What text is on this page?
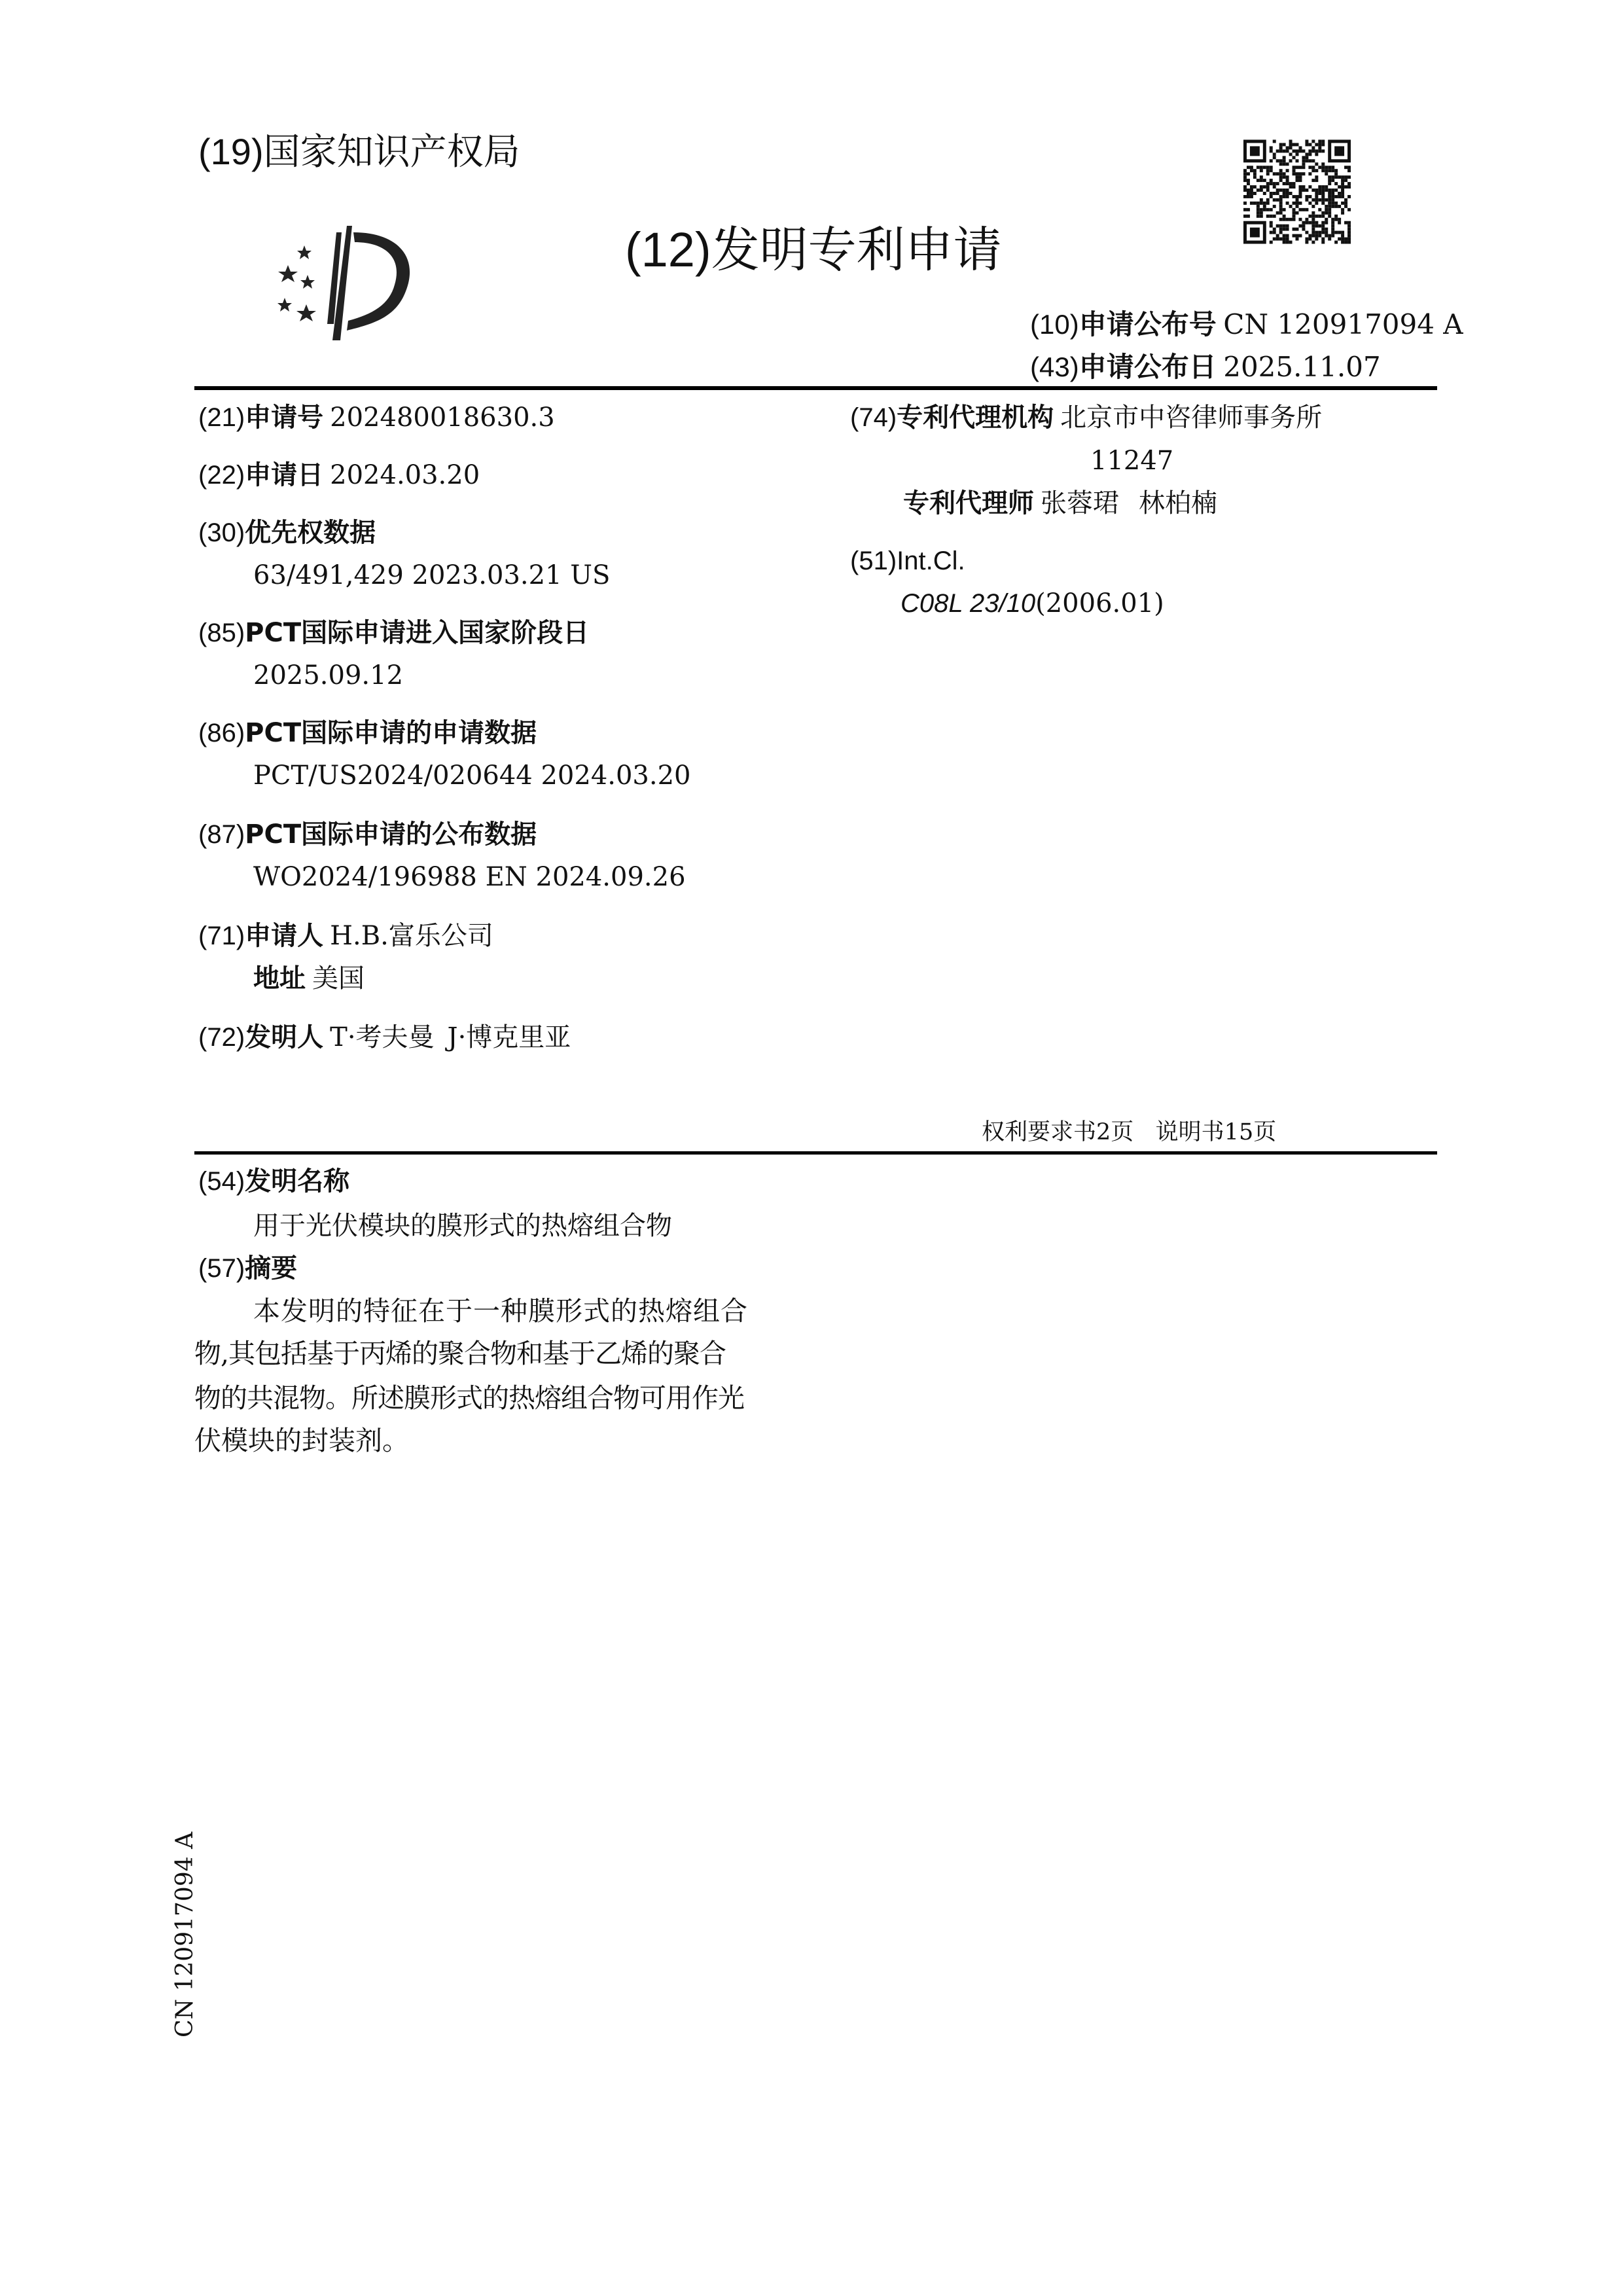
(19)国家知识产权局
(12)发明专利申请
(10)申请公布号 CN 120917094 A
(43)申请公布日 2025.11.07
(21)申请号 202480018630.3
(22)申请日 2024.03.20
(30)优先权数据
63/491,429 2023.03.21 US
(85)PCT国际申请进入国家阶段日
2025.09.12
(86)PCT国际申请的申请数据
PCT/US2024/020644 2024.03.20
(87)PCT国际申请的公布数据
WO2024/196988 EN 2024.09.26
(71)申请人 H.B.富乐公司
地址 美国
(72)发明人 T·考夫曼 J·博克里亚
(74)专利代理机构 北京市中咨律师事务所
11247
专利代理师 张蓉珺 林柏楠
(51)Int.Cl.
C08L 23/10(2006.01)
权利要求书2页 说明书15页
(54)发明名称
用于光伏模块的膜形式的热熔组合物
(57)摘要
本发明的特征在于一种膜形式的热熔组合
物,其包括基于丙烯的聚合物和基于乙烯的聚合
物的共混物。所述膜形式的热熔组合物可用作光
伏模块的封装剂。
CN 120917094 A
